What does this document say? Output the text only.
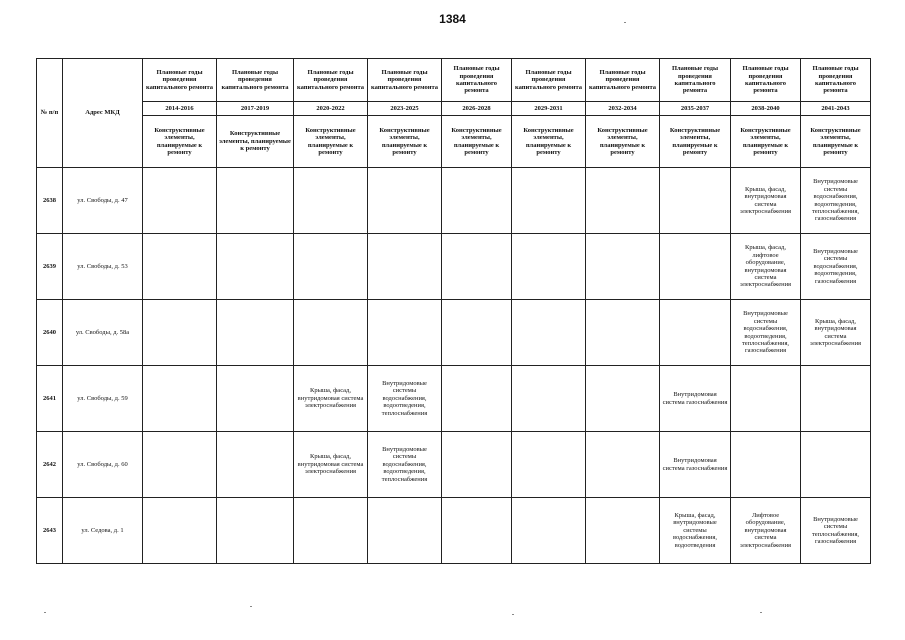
1384
№ п/п	Адрес МКД	Плановые годы проведения капитального ремонта	Плановые годы проведения капитального ремонта	Плановые годы проведения капитального ремонта	Плановые годы проведения капитального ремонта	Плановые годы проведения капитального ремонта	Плановые годы проведения капитального ремонта	Плановые годы проведения капитального ремонта	Плановые годы проведения капитального ремонта	Плановые годы проведения капитального ремонта	Плановые годы проведения капитального ремонта
		2014-2016	2017-2019	2020-2022	2023-2025	2026-2028	2029-2031	2032-2034	2035-2037	2038-2040	2041-2043
		Конструктивные элементы, планируемые к ремонту	Конструктивные элементы, планируемые к ремонту	Конструктивные элементы, планируемые к ремонту	Конструктивные элементы, планируемые к ремонту	Конструктивные элементы, планируемые к ремонту	Конструктивные элементы, планируемые к ремонту	Конструктивные элементы, планируемые к ремонту	Конструктивные элементы, планируемые к ремонту	Конструктивные элементы, планируемые к ремонту	Конструктивные элементы, планируемые к ремонту
2638	ул. Свободы, д. 47									Крыша, фасад, внутридомовая система электроснабжения	Внутридомовые системы водоснабжения, водоотведения, теплоснабжения, газоснабжения
2639	ул. Свободы, д. 53									Крыша, фасад, лифтовое оборудование, внутридомовая система электроснабжения	Внутридомовые системы водоснабжения, водоотведения, газоснабжения
2640	ул. Свободы, д. 58а									Внутридомовые системы водоснабжения, водоотведения, теплоснабжения, газоснабжения	Крыша, фасад, внутридомовая система электроснабжения
2641	ул. Свободы, д. 59			Крыша, фасад, внутридомовая система электроснабжения	Внутридомовые системы водоснабжения, водоотведения, теплоснабжения				Внутридомовая система газоснабжения		
2642	ул. Свободы, д. 60			Крыша, фасад, внутридомовая система электроснабжения	Внутридомовые системы водоснабжения, водоотведения, теплоснабжения				Внутридомовая система газоснабжения		
2643	ул. Седова, д. 1								Крыша, фасад, внутридомовые системы водоснабжения, водоотведения	Лифтовое оборудование, внутридомовая система электроснабжения	Внутридомовые системы теплоснабжения, газоснабжения
